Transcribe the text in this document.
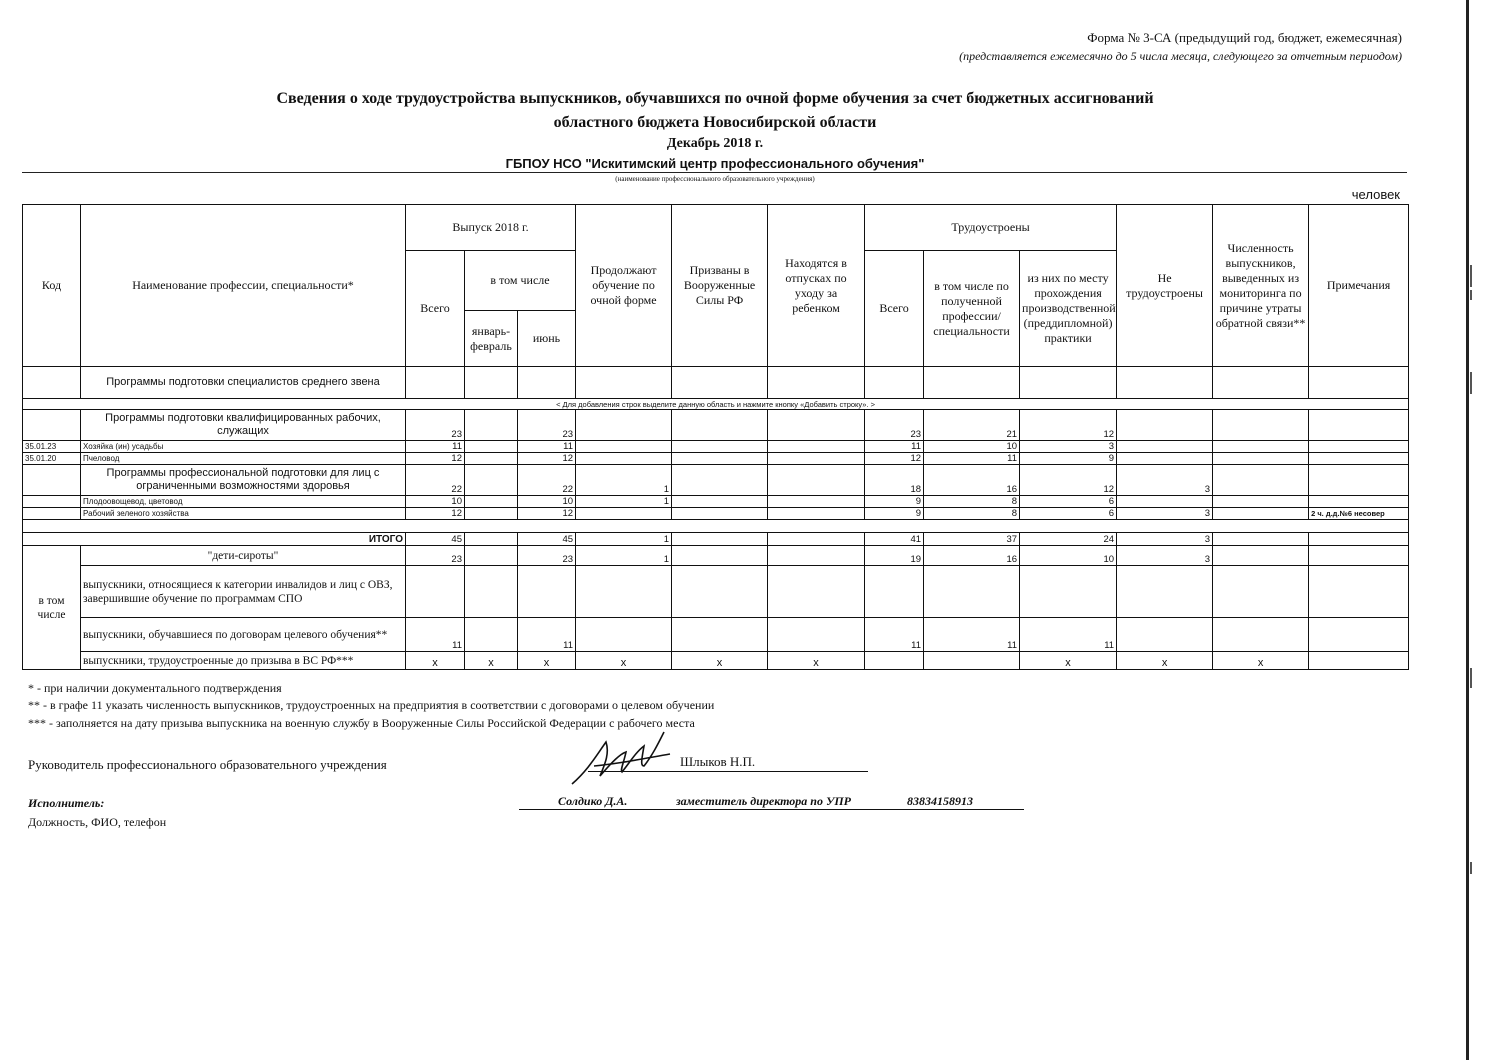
Форма № 3-СА (предыдущий год, бюджет, ежемесячная)
(представляется ежемесячно до 5 числа месяца, следующего за отчетным периодом)
Сведения о ходе трудоустройства выпускников, обучавшихся по очной форме обучения за счет бюджетных ассигнований
областного бюджета Новосибирской области
Декабрь 2018 г.
ГБПОУ НСО "Искитимский центр профессионального обучения"
(наименование профессионального образовательного учреждения)
человек
Код	Наименование профессии, специальности*	Выпуск 2018 г.			Продолжают обучение по очной форме	Призваны в Вооруженные Силы РФ	Находятся в отпусках по уходу за ребенком	Трудоустроены			Не трудоустроены	Численность выпускников, выведенных из мониторинга по причине утраты обратной связи**	Примечания
		Всего	в том числе					Всего	в том числе по полученной профессии/ специальности	из них по месту прохождения производственной (преддипломной) практики			
			январь-февраль	июнь									
	Программы подготовки специалистов среднего звена												
< Для добавления строк выделите данную область и нажмите кнопку «Добавить строку». >													
	Программы подготовки квалифицированных рабочих, служащих	23		23				23	21	12			
35.01.23	Хозяйка (ин) усадьбы	11		11				11	10	3			
35.01.20	Пчеловод	12		12				12	11	9			
	Программы профессиональной подготовки для лиц с ограниченными возможностями здоровья	22		22	1			18	16	12	3		
	Плодоовощевод, цветовод	10		10	1			9	8	6			
	Рабочий зеленого хозяйства	12		12				9	8	6	3		2 ч. д.д.№6 несовер

	ИТОГО	45		45	1			41	37	24	3		
в том числе	"дети-сироты"	23		23	1			19	16	10	3		
	выпускники, относящиеся к категории инвалидов и лиц с ОВЗ, завершившие обучение по программам СПО												
	выпускники, обучавшиеся по договорам целевого обучения**	11		11				11	11	11			
	выпускники, трудоустроенные до призыва в ВС РФ***	x	x	x	x	x	x			x	x	x	
* - при наличии документального подтверждения
** - в графе 11 указать численность выпускников, трудоустроенных на предприятия в соответствии с договорами о целевом обучении
*** - заполняется на дату призыва выпускника на военную службу в Вооруженные Силы Российской Федерации с рабочего места
Руководитель профессионального образовательного учреждения	Шлыков Н.П.
Исполнитель:	Солдико Д.А.	заместитель директора по УПР	83834158913
Должность, ФИО, телефон
